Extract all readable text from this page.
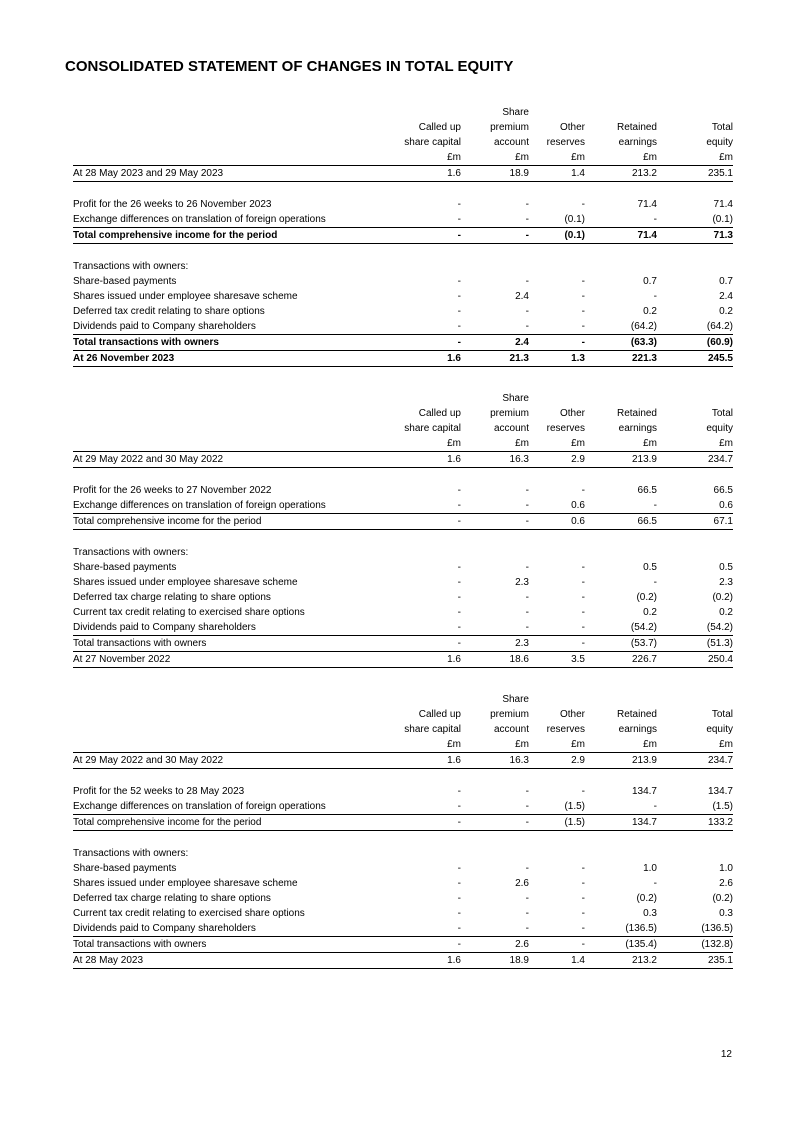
CONSOLIDATED STATEMENT OF CHANGES IN TOTAL EQUITY

Called up
share capital
£m

Share
premium
account
£m

Other
reserves
£m

Retained
earnings
£m

Total
equity
£m

At 28 May 2023 and 29 May 2023	1.6	18.9	1.4	213.2	235.1

Profit for the 26 weeks to 26 November 2023	-	-	-	71.4	71.4
Exchange differences on translation of foreign operations	-	-	(0.1)	-	(0.1)
Total comprehensive income for the period	-	-	(0.1)	71.4	71.3

Transactions with owners:					
Share-based payments	-	-	-	0.7	0.7
Shares issued under employee sharesave scheme	-	2.4	-	-	2.4
Deferred tax credit relating to share options	-	-	-	0.2	0.2
Dividends paid to Company shareholders	-	-	-	(64.2)	(64.2)
Total transactions with owners	-	2.4	-	(63.3)	(60.9)
At 26 November 2023	1.6	21.3	1.3	221.3	245.5

Called up
share capital
£m

Share
premium
account
£m

Other
reserves
£m

Retained
earnings
£m

Total
equity
£m

At 29 May 2022 and 30 May 2022	1.6	16.3	2.9	213.9	234.7

Profit for the 26 weeks to 27 November 2022	-	-	-	66.5	66.5
Exchange differences on translation of foreign operations	-	-	0.6	-	0.6
Total comprehensive income for the period	-	-	0.6	66.5	67.1

Transactions with owners:					
Share-based payments	-	-	-	0.5	0.5
Shares issued under employee sharesave scheme	-	2.3	-	-	2.3
Deferred tax charge relating to share options	-	-	-	(0.2)	(0.2)
Current tax credit relating to exercised share options	-	-	-	0.2	0.2
Dividends paid to Company shareholders	-	-	-	(54.2)	(54.2)
Total transactions with owners	-	2.3	-	(53.7)	(51.3)
At 27 November 2022	1.6	18.6	3.5	226.7	250.4

Called up
share capital
£m

Share
premium
account
£m

Other
reserves
£m

Retained
earnings
£m

Total
equity
£m

At 29 May 2022 and 30 May 2022	1.6	16.3	2.9	213.9	234.7

Profit for the 52 weeks to 28 May 2023	-	-	-	134.7	134.7
Exchange differences on translation of foreign operations	-	-	(1.5)	-	(1.5)
Total comprehensive income for the period	-	-	(1.5)	134.7	133.2

Transactions with owners:					
Share-based payments	-	-	-	1.0	1.0
Shares issued under employee sharesave scheme	-	2.6	-	-	2.6
Deferred tax charge relating to share options	-	-	-	(0.2)	(0.2)
Current tax credit relating to exercised share options	-	-	-	0.3	0.3
Dividends paid to Company shareholders	-	-	-	(136.5)	(136.5)
Total transactions with owners	-	2.6	-	(135.4)	(132.8)
At 28 May 2023	1.6	18.9	1.4	213.2	235.1
12
